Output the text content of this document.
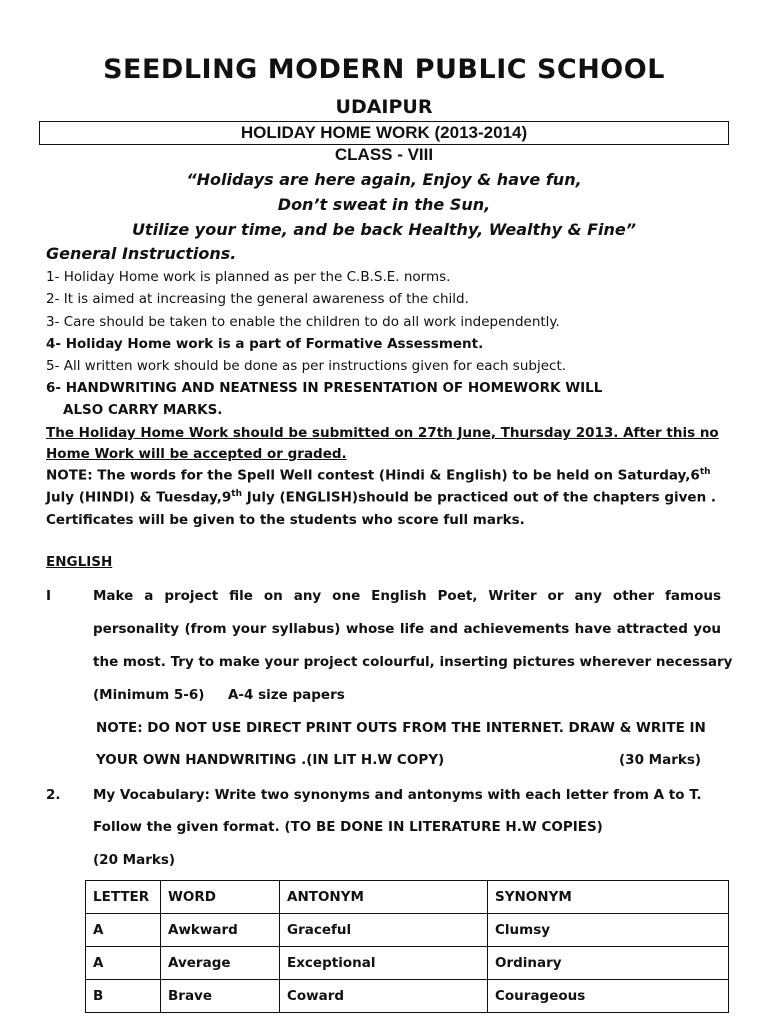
SEEDLING MODERN PUBLIC SCHOOL
UDAIPUR
HOLIDAY HOME WORK (2013-2014)
CLASS - VIII
“Holidays are here again, Enjoy & have fun,
Don’t sweat in the Sun,
Utilize your time, and be back Healthy, Wealthy & Fine”
General Instructions.
1- Holiday Home work is planned as per the C.B.S.E. norms.
2- It is aimed at increasing the general awareness of the child.
3- Care should be taken to enable the children to do all work independently.
4- Holiday Home work is a part of Formative Assessment.
5- All written work should be done as per instructions given for each subject.
6- HANDWRITING AND NEATNESS IN PRESENTATION OF HOMEWORK WILL
ALSO CARRY MARKS.
The Holiday Home Work should be submitted on 27th June, Thursday 2013. After this no
Home Work will be accepted or graded.
NOTE: The words for the Spell Well contest (Hindi & English) to be held on Saturday,6th
July (HINDI) & Tuesday,9th July (ENGLISH)should be practiced out of the chapters given .
Certificates will be given to the students who score full marks.
ENGLISH
I	Make a project file on any one English Poet, Writer or any other famous
personality (from your syllabus) whose life and achievements have attracted you
the most. Try to make your project colourful, inserting pictures wherever necessary
(Minimum 5-6)     A-4 size papers
NOTE: DO NOT USE DIRECT PRINT OUTS FROM THE INTERNET. DRAW & WRITE IN
YOUR OWN HANDWRITING .(IN LIT H.W COPY)	(30 Marks)
2. My Vocabulary: Write two synonyms and antonyms with each letter from A to T.
Follow the given format. (TO BE DONE IN LITERATURE H.W COPIES)
(20 Marks)
LETTER	WORD	ANTONYM	SYNONYM
A	Awkward	Graceful	Clumsy
A	Average	Exceptional	Ordinary
B	Brave	Coward	Courageous
